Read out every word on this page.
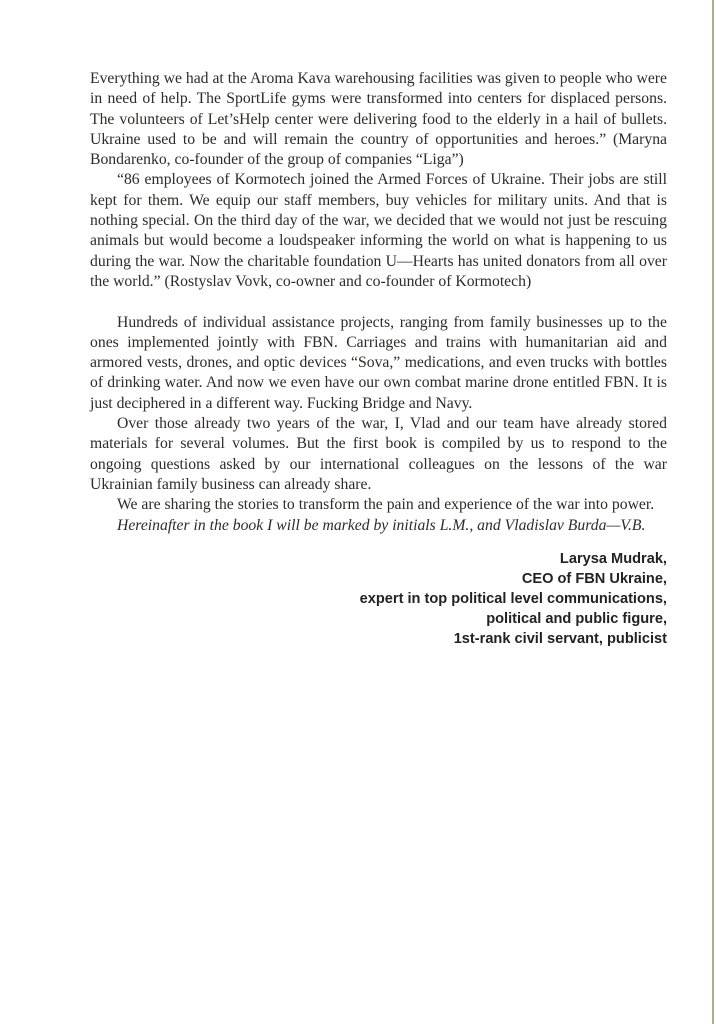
Everything we had at the Aroma Kava warehousing facilities was given to people who were in need of help. The SportLife gyms were transformed into centers for displaced persons. The volunteers of Let’sHelp center were delivering food to the elderly in a hail of bullets. Ukraine used to be and will remain the country of opportunities and heroes.” (Maryna Bondarenko, co-founder of the group of companies “Liga”)

“86 employees of Kormotech joined the Armed Forces of Ukraine. Their jobs are still kept for them. We equip our staff members, buy vehicles for military units. And that is nothing special. On the third day of the war, we decided that we would not just be rescuing animals but would become a loudspeaker informing the world on what is happening to us during the war. Now the charitable foundation U—Hearts has united donators from all over the world.” (Rostyslav Vovk, co-owner and co-founder of Kormotech)

Hundreds of individual assistance projects, ranging from family businesses up to the ones implemented jointly with FBN. Carriages and trains with humanitarian aid and armored vests, drones, and optic devices “Sova,” medications, and even trucks with bottles of drinking water. And now we even have our own combat marine drone entitled FBN. It is just deciphered in a different way. Fucking Bridge and Navy.

Over those already two years of the war, I, Vlad and our team have already stored materials for several volumes. But the first book is compiled by us to respond to the ongoing questions asked by our international colleagues on the lessons of the war Ukrainian family business can already share.

We are sharing the stories to transform the pain and experience of the war into power.

Hereinafter in the book I will be marked by initials L.M., and Vladislav Burda—V.B.

Larysa Mudrak,
CEO of FBN Ukraine,
expert in top political level communications,
political and public figure,
1st-rank civil servant, publicist
